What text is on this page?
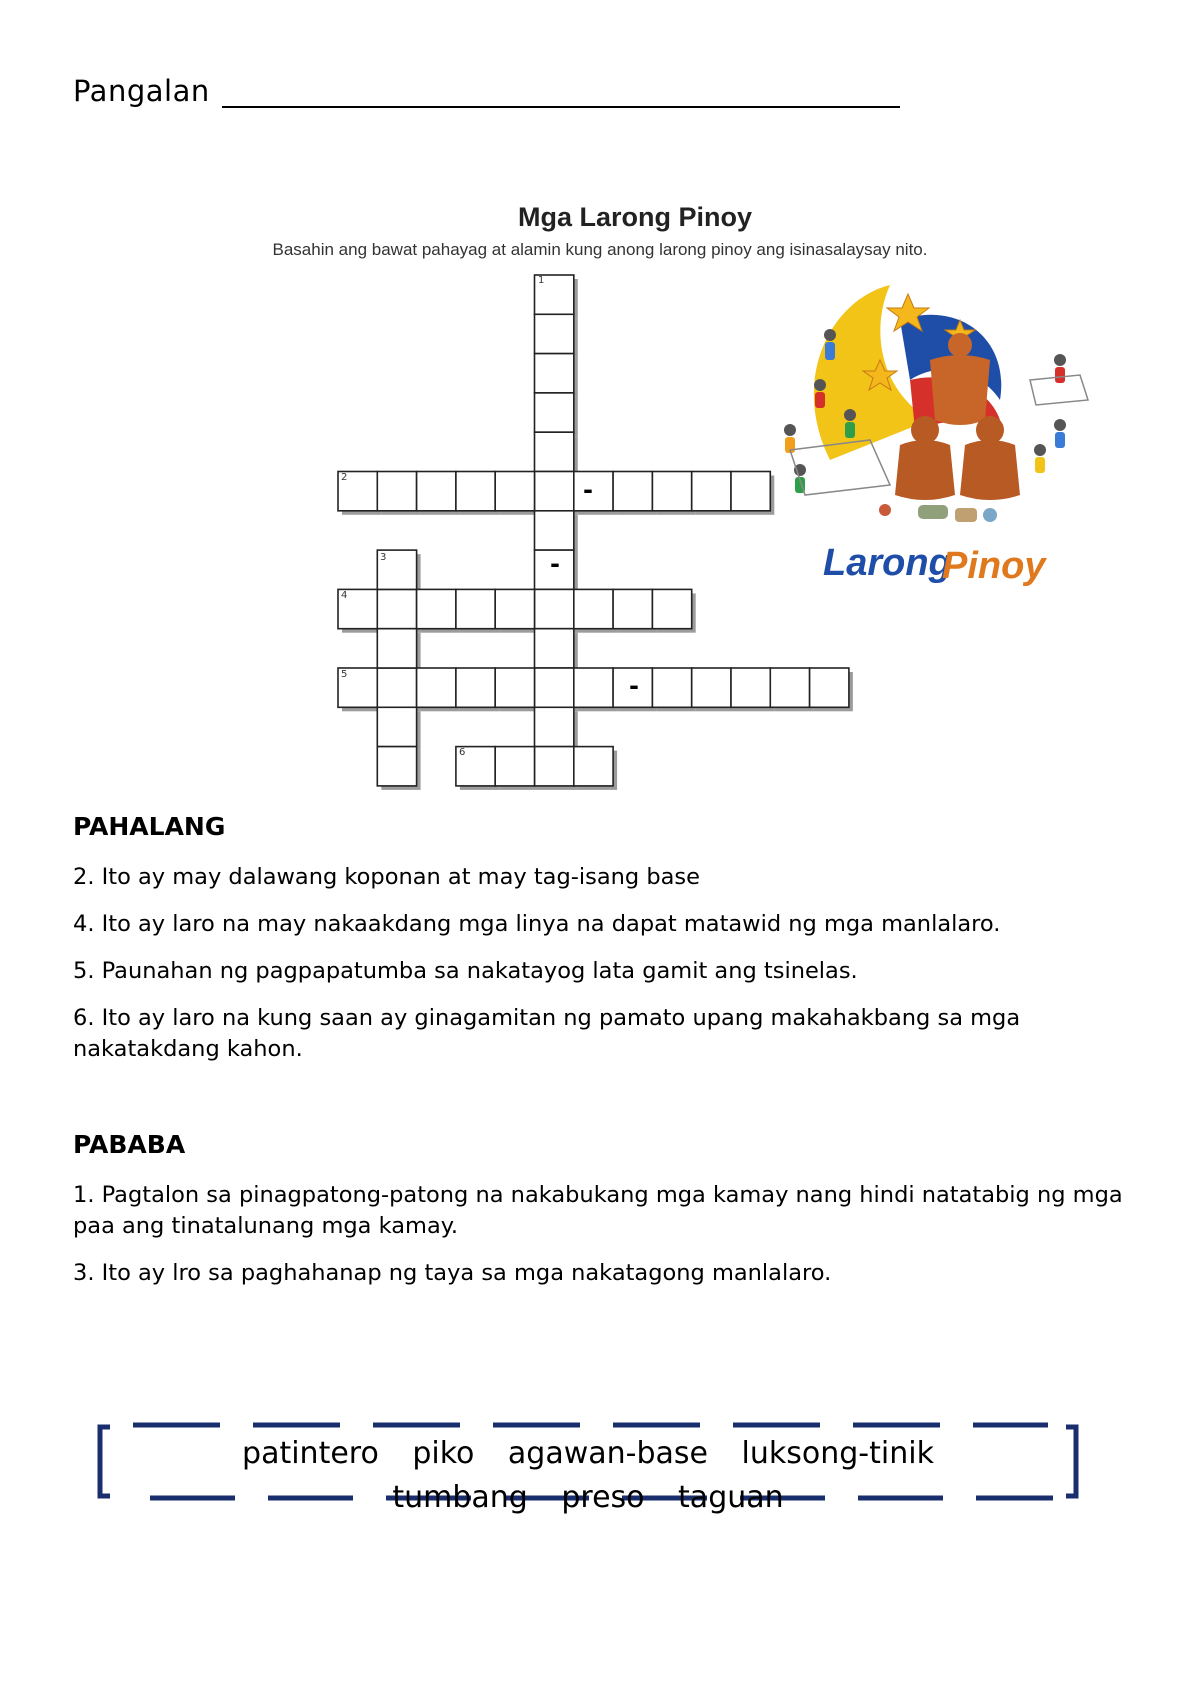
Pangalan
Mga Larong Pinoy
Basahin ang bawat pahayag at alamin kung anong larong pinoy ang isinasalaysay nito.
1
2
3
4
5
6
-
-
-
Larong
Pinoy
PAHALANG
2. Ito ay may dalawang koponan at may tag-isang base
4. Ito ay laro na may nakaakdang mga linya na dapat matawid ng mga manlalaro.
5. Paunahan ng pagpapatumba sa nakatayog lata gamit ang tsinelas.
6. Ito ay laro na kung saan ay ginagamitan ng pamato upang makahakbang sa mga nakatakdang kahon.
PABABA
1. Pagtalon sa pinagpatong-patong na nakabukang mga kamay nang hindi natatabig ng mga paa ang tinatalunang mga kamay.
3. Ito ay lro sa paghahanap ng taya sa mga nakatagong manlalaro.
patintero piko agawan-base luksong-tinik tumbang preso taguan
